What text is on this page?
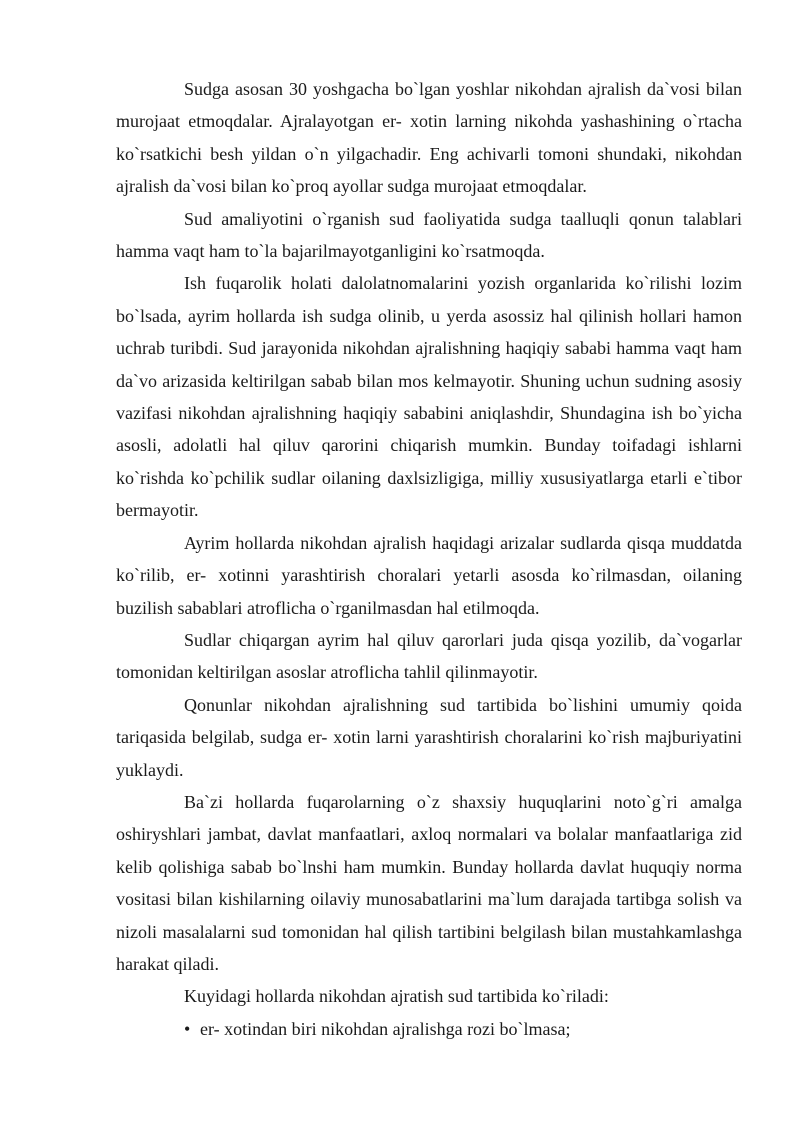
Sudga asosan 30 yoshgacha bo`lgan yoshlar nikohdan ajralish da`vosi bilan murojaat etmoqdalar. Ajralayotgan er- xotin larning nikohda yashashining o`rtacha ko`rsatkichi besh yildan o`n yilgachadir. Eng achivarli tomoni shundaki, nikohdan ajralish da`vosi bilan ko`proq ayollar sudga murojaat etmoqdalar.

Sud amaliyotini o`rganish sud faoliyatida sudga taalluqli qonun talablari hamma vaqt ham to`la bajarilmayotganligini ko`rsatmoqda.

Ish fuqarolik holati dalolatnomalarini yozish organlarida ko`rilishi lozim bo`lsada, ayrim hollarda ish sudga olinib, u yerda asossiz hal qilinish hollari hamon uchrab turibdi. Sud jarayonida nikohdan ajralishning haqiqiy sababi hamma vaqt ham da`vo arizasida keltirilgan sabab bilan mos kelmayotir. Shuning uchun sudning asosiy vazifasi nikohdan ajralishning haqiqiy sababini aniqlashdir, Shundagina ish bo`yicha asosli, adolatli hal qiluv qarorini chiqarish mumkin. Bunday toifadagi ishlarni ko`rishda ko`pchilik sudlar oilaning daxlsizligiga, milliy xususiyatlarga etarli e`tibor bermayotir.

Ayrim hollarda nikohdan ajralish haqidagi arizalar sudlarda qisqa muddatda ko`rilib, er- xotinni yarashtirish choralari yetarli asosda ko`rilmasdan, oilaning buzilish sabablari atroflicha o`rganilmasdan hal etilmoqda.

Sudlar chiqargan ayrim hal qiluv qarorlari juda qisqa yozilib, da`vogarlar tomonidan keltirilgan asoslar atroflicha tahlil qilinmayotir.

Qonunlar nikohdan ajralishning sud tartibida bo`lishini umumiy qoida tariqasida belgilab, sudga er- xotin larni yarashtirish choralarini ko`rish majburiyatini yuklaydi.

Ba`zi hollarda fuqarolarning o`z shaxsiy huquqlarini noto`g`ri amalga oshiryshlari jambat, davlat manfaatlari, axloq normalari va bolalar manfaatlariga zid kelib qolishiga sabab bo`lnshi ham mumkin. Bunday hollarda davlat huquqiy norma vositasi bilan kishilarning oilaviy munosabatlarini ma`lum darajada tartibga solish va nizoli masalalarni sud tomonidan hal qilish tartibini belgilash bilan mustahkamlashga harakat qiladi.

Kuyidagi hollarda nikohdan ajratish sud tartibida ko`riladi:

• er- xotindan biri nikohdan ajralishga rozi bo`lmasa;
